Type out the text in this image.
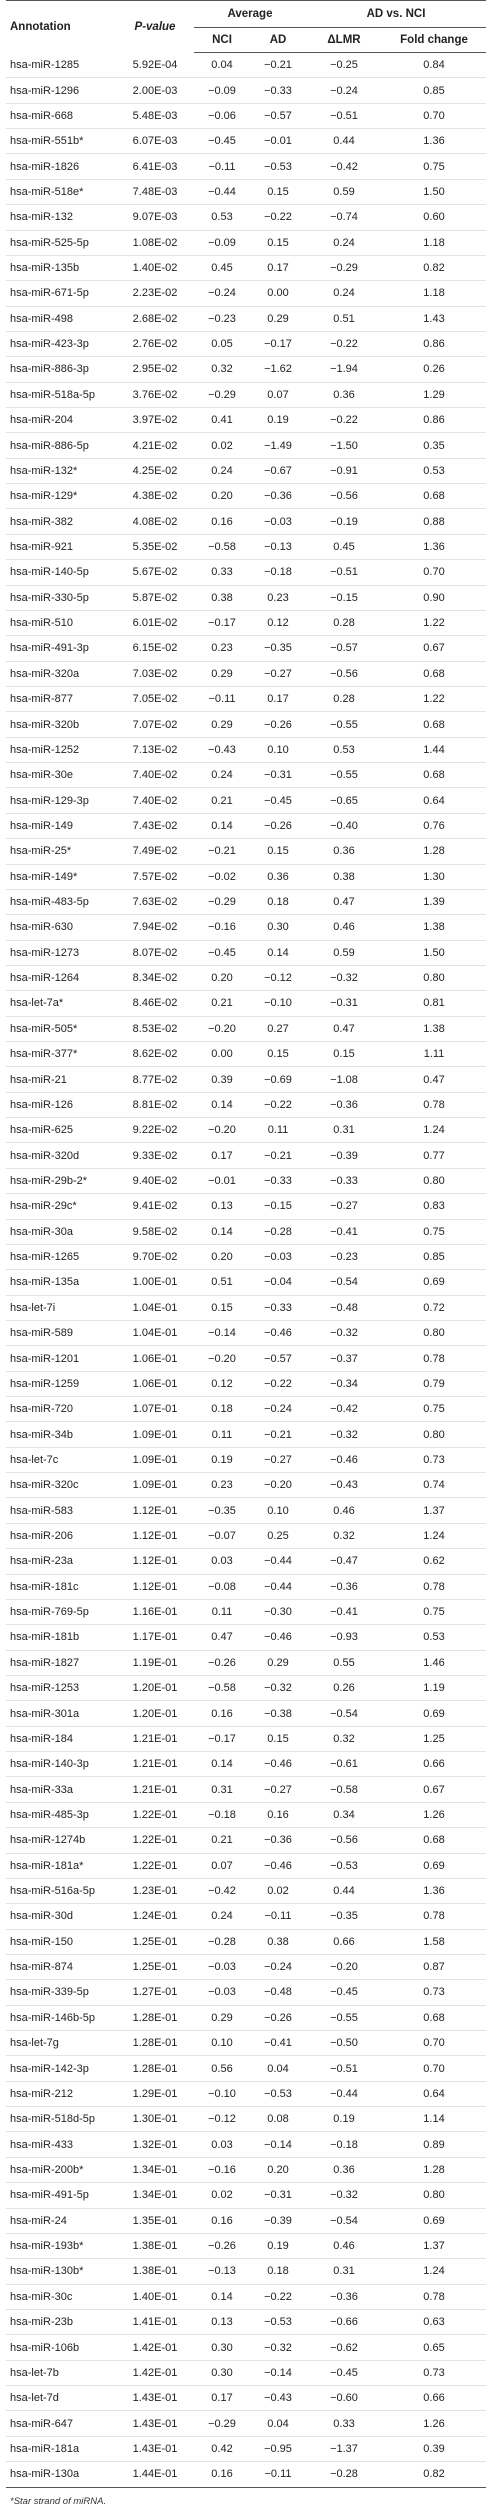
Annotation	P-value	Average		AD vs. NCI	
		NCI	AD	ΔLMR	Fold change
hsa-miR-1285	5.92E-04	0.04	−0.21	−0.25	0.84
hsa-miR-1296	2.00E-03	−0.09	−0.33	−0.24	0.85
hsa-miR-668	5.48E-03	−0.06	−0.57	−0.51	0.70
hsa-miR-551b*	6.07E-03	−0.45	−0.01	0.44	1.36
hsa-miR-1826	6.41E-03	−0.11	−0.53	−0.42	0.75
hsa-miR-518e*	7.48E-03	−0.44	0.15	0.59	1.50
hsa-miR-132	9.07E-03	0.53	−0.22	−0.74	0.60
hsa-miR-525-5p	1.08E-02	−0.09	0.15	0.24	1.18
hsa-miR-135b	1.40E-02	0.45	0.17	−0.29	0.82
hsa-miR-671-5p	2.23E-02	−0.24	0.00	0.24	1.18
hsa-miR-498	2.68E-02	−0.23	0.29	0.51	1.43
hsa-miR-423-3p	2.76E-02	0.05	−0.17	−0.22	0.86
hsa-miR-886-3p	2.95E-02	0.32	−1.62	−1.94	0.26
hsa-miR-518a-5p	3.76E-02	−0.29	0.07	0.36	1.29
hsa-miR-204	3.97E-02	0.41	0.19	−0.22	0.86
hsa-miR-886-5p	4.21E-02	0.02	−1.49	−1.50	0.35
hsa-miR-132*	4.25E-02	0.24	−0.67	−0.91	0.53
hsa-miR-129*	4.38E-02	0.20	−0.36	−0.56	0.68
hsa-miR-382	4.08E-02	0.16	−0.03	−0.19	0.88
hsa-miR-921	5.35E-02	−0.58	−0.13	0.45	1.36
hsa-miR-140-5p	5.67E-02	0.33	−0.18	−0.51	0.70
hsa-miR-330-5p	5.87E-02	0.38	0.23	−0.15	0.90
hsa-miR-510	6.01E-02	−0.17	0.12	0.28	1.22
hsa-miR-491-3p	6.15E-02	0.23	−0.35	−0.57	0.67
hsa-miR-320a	7.03E-02	0.29	−0.27	−0.56	0.68
hsa-miR-877	7.05E-02	−0.11	0.17	0.28	1.22
hsa-miR-320b	7.07E-02	0.29	−0.26	−0.55	0.68
hsa-miR-1252	7.13E-02	−0.43	0.10	0.53	1.44
hsa-miR-30e	7.40E-02	0.24	−0.31	−0.55	0.68
hsa-miR-129-3p	7.40E-02	0.21	−0.45	−0.65	0.64
hsa-miR-149	7.43E-02	0.14	−0.26	−0.40	0.76
hsa-miR-25*	7.49E-02	−0.21	0.15	0.36	1.28
hsa-miR-149*	7.57E-02	−0.02	0.36	0.38	1.30
hsa-miR-483-5p	7.63E-02	−0.29	0.18	0.47	1.39
hsa-miR-630	7.94E-02	−0.16	0.30	0.46	1.38
hsa-miR-1273	8.07E-02	−0.45	0.14	0.59	1.50
hsa-miR-1264	8.34E-02	0.20	−0.12	−0.32	0.80
hsa-let-7a*	8.46E-02	0.21	−0.10	−0.31	0.81
hsa-miR-505*	8.53E-02	−0.20	0.27	0.47	1.38
hsa-miR-377*	8.62E-02	0.00	0.15	0.15	1.11
hsa-miR-21	8.77E-02	0.39	−0.69	−1.08	0.47
hsa-miR-126	8.81E-02	0.14	−0.22	−0.36	0.78
hsa-miR-625	9.22E-02	−0.20	0.11	0.31	1.24
hsa-miR-320d	9.33E-02	0.17	−0.21	−0.39	0.77
hsa-miR-29b-2*	9.40E-02	−0.01	−0.33	−0.33	0.80
hsa-miR-29c*	9.41E-02	0.13	−0.15	−0.27	0.83
hsa-miR-30a	9.58E-02	0.14	−0.28	−0.41	0.75
hsa-miR-1265	9.70E-02	0.20	−0.03	−0.23	0.85
hsa-miR-135a	1.00E-01	0.51	−0.04	−0.54	0.69
hsa-let-7i	1.04E-01	0.15	−0.33	−0.48	0.72
hsa-miR-589	1.04E-01	−0.14	−0.46	−0.32	0.80
hsa-miR-1201	1.06E-01	−0.20	−0.57	−0.37	0.78
hsa-miR-1259	1.06E-01	0.12	−0.22	−0.34	0.79
hsa-miR-720	1.07E-01	0.18	−0.24	−0.42	0.75
hsa-miR-34b	1.09E-01	0.11	−0.21	−0.32	0.80
hsa-let-7c	1.09E-01	0.19	−0.27	−0.46	0.73
hsa-miR-320c	1.09E-01	0.23	−0.20	−0.43	0.74
hsa-miR-583	1.12E-01	−0.35	0.10	0.46	1.37
hsa-miR-206	1.12E-01	−0.07	0.25	0.32	1.24
hsa-miR-23a	1.12E-01	0.03	−0.44	−0.47	0.62
hsa-miR-181c	1.12E-01	−0.08	−0.44	−0.36	0.78
hsa-miR-769-5p	1.16E-01	0.11	−0.30	−0.41	0.75
hsa-miR-181b	1.17E-01	0.47	−0.46	−0.93	0.53
hsa-miR-1827	1.19E-01	−0.26	0.29	0.55	1.46
hsa-miR-1253	1.20E-01	−0.58	−0.32	0.26	1.19
hsa-miR-301a	1.20E-01	0.16	−0.38	−0.54	0.69
hsa-miR-184	1.21E-01	−0.17	0.15	0.32	1.25
hsa-miR-140-3p	1.21E-01	0.14	−0.46	−0.61	0.66
hsa-miR-33a	1.21E-01	0.31	−0.27	−0.58	0.67
hsa-miR-485-3p	1.22E-01	−0.18	0.16	0.34	1.26
hsa-miR-1274b	1.22E-01	0.21	−0.36	−0.56	0.68
hsa-miR-181a*	1.22E-01	0.07	−0.46	−0.53	0.69
hsa-miR-516a-5p	1.23E-01	−0.42	0.02	0.44	1.36
hsa-miR-30d	1.24E-01	0.24	−0.11	−0.35	0.78
hsa-miR-150	1.25E-01	−0.28	0.38	0.66	1.58
hsa-miR-874	1.25E-01	−0.03	−0.24	−0.20	0.87
hsa-miR-339-5p	1.27E-01	−0.03	−0.48	−0.45	0.73
hsa-miR-146b-5p	1.28E-01	0.29	−0.26	−0.55	0.68
hsa-let-7g	1.28E-01	0.10	−0.41	−0.50	0.70
hsa-miR-142-3p	1.28E-01	0.56	0.04	−0.51	0.70
hsa-miR-212	1.29E-01	−0.10	−0.53	−0.44	0.64
hsa-miR-518d-5p	1.30E-01	−0.12	0.08	0.19	1.14
hsa-miR-433	1.32E-01	0.03	−0.14	−0.18	0.89
hsa-miR-200b*	1.34E-01	−0.16	0.20	0.36	1.28
hsa-miR-491-5p	1.34E-01	0.02	−0.31	−0.32	0.80
hsa-miR-24	1.35E-01	0.16	−0.39	−0.54	0.69
hsa-miR-193b*	1.38E-01	−0.26	0.19	0.46	1.37
hsa-miR-130b*	1.38E-01	−0.13	0.18	0.31	1.24
hsa-miR-30c	1.40E-01	0.14	−0.22	−0.36	0.78
hsa-miR-23b	1.41E-01	0.13	−0.53	−0.66	0.63
hsa-miR-106b	1.42E-01	0.30	−0.32	−0.62	0.65
hsa-let-7b	1.42E-01	0.30	−0.14	−0.45	0.73
hsa-let-7d	1.43E-01	0.17	−0.43	−0.60	0.66
hsa-miR-647	1.43E-01	−0.29	0.04	0.33	1.26
hsa-miR-181a	1.43E-01	0.42	−0.95	−1.37	0.39
hsa-miR-130a	1.44E-01	0.16	−0.11	−0.28	0.82
*Star strand of miRNA.
